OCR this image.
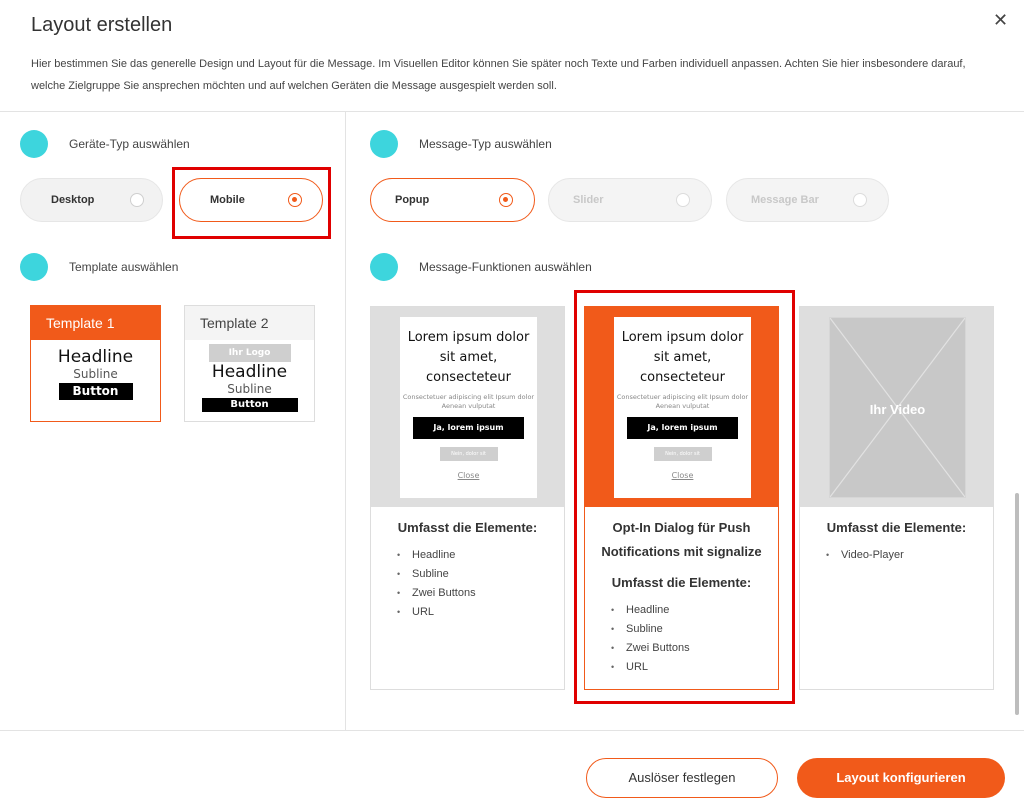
Layout erstellen	✕
Hier bestimmen Sie das generelle Design und Layout für die Message. Im Visuellen Editor können Sie später noch Texte und Farben individuell anpassen. Achten Sie hier insbesondere darauf, welche Zielgruppe Sie ansprechen möchten und auf welchen Geräten die Message ausgespielt werden soll.
Geräte-Typ auswählen
Desktop	Mobile
Template auswählen
Template 1
Headline
Subline
Button
Template 2
Ihr Logo
Headline
Subline
Button
Message-Typ auswählen
Popup	Slider	Message Bar
Message-Funktionen auswählen
Lorem ipsum dolor sit amet, consecteteur
Consectetuer adipiscing elit Ipsum dolor Aenean vulputat
Ja, lorem ipsum
Nein, dolor sit
Close
Umfasst die Elemente:
• Headline
• Subline
• Zwei Buttons
• URL
Lorem ipsum dolor sit amet, consecteteur
Consectetuer adipiscing elit Ipsum dolor Aenean vulputat
Ja, lorem ipsum
Nein, dolor sit
Close
Opt-In Dialog für Push Notifications mit signalize
Umfasst die Elemente:
• Headline
• Subline
• Zwei Buttons
• URL
Ihr Video
Umfasst die Elemente:
• Video-Player
Auslöser festlegen	Layout konfigurieren
